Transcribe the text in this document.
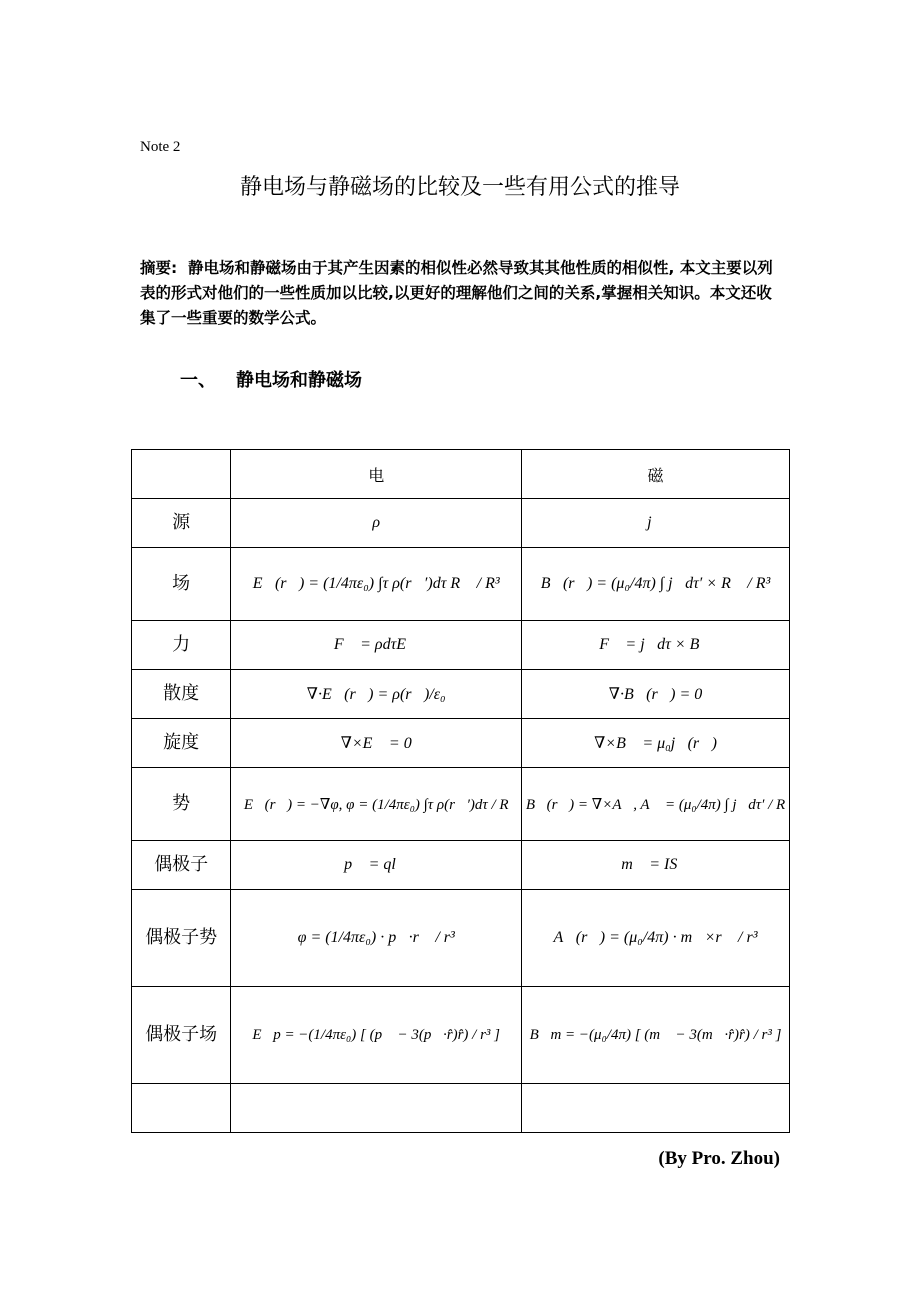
Note 2
静电场与静磁场的比较及一些有用公式的推导
摘要: 静电场和静磁场由于其产生因素的相似性必然导致其其他性质的相似性, 本文主要以列表的形式对他们的一些性质加以比较,以更好的理解他们之间的关系,掌握相关知识。本文还收集了一些重要的数学公式。
一、 静电场和静磁场
	电	磁
源	ρ	j⃗
场	E⃗(r⃗) = (1/4πε₀) ∫τ ρ(r⃗′)dτ R⃗ / R³	B⃗(r⃗) = (μ₀/4π) ∫ j⃗dτ′ × R⃗ / R³
力	F⃗ = ρdτE⃗	F⃗ = j⃗dτ × B⃗
散度	∇·E⃗(r⃗) = ρ(r⃗)/ε₀	∇·B⃗(r⃗) = 0
旋度	∇×E⃗ = 0	∇×B⃗ = μ₀j⃗(r⃗)
势	E⃗(r⃗) = −∇φ, φ = (1/4πε₀) ∫τ ρ(r⃗′)dτ / R	B⃗(r⃗) = ∇×A⃗, A⃗ = (μ₀/4π) ∫ j⃗dτ′ / R
偶极子	p⃗ = ql⃗	m⃗ = IS⃗
偶极子势	φ = (1/4πε₀) · p⃗·r⃗ / r³	A⃗(r⃗) = (μ₀/4π) · m⃗×r⃗ / r³
偶极子场	E⃗p = −(1/4πε₀) [ (p⃗ − 3(p⃗·r̂)r̂) / r³ ]	B⃗m = −(μ₀/4π) [ (m⃗ − 3(m⃗·r̂)r̂) / r³ ]

(By Pro. Zhou)
